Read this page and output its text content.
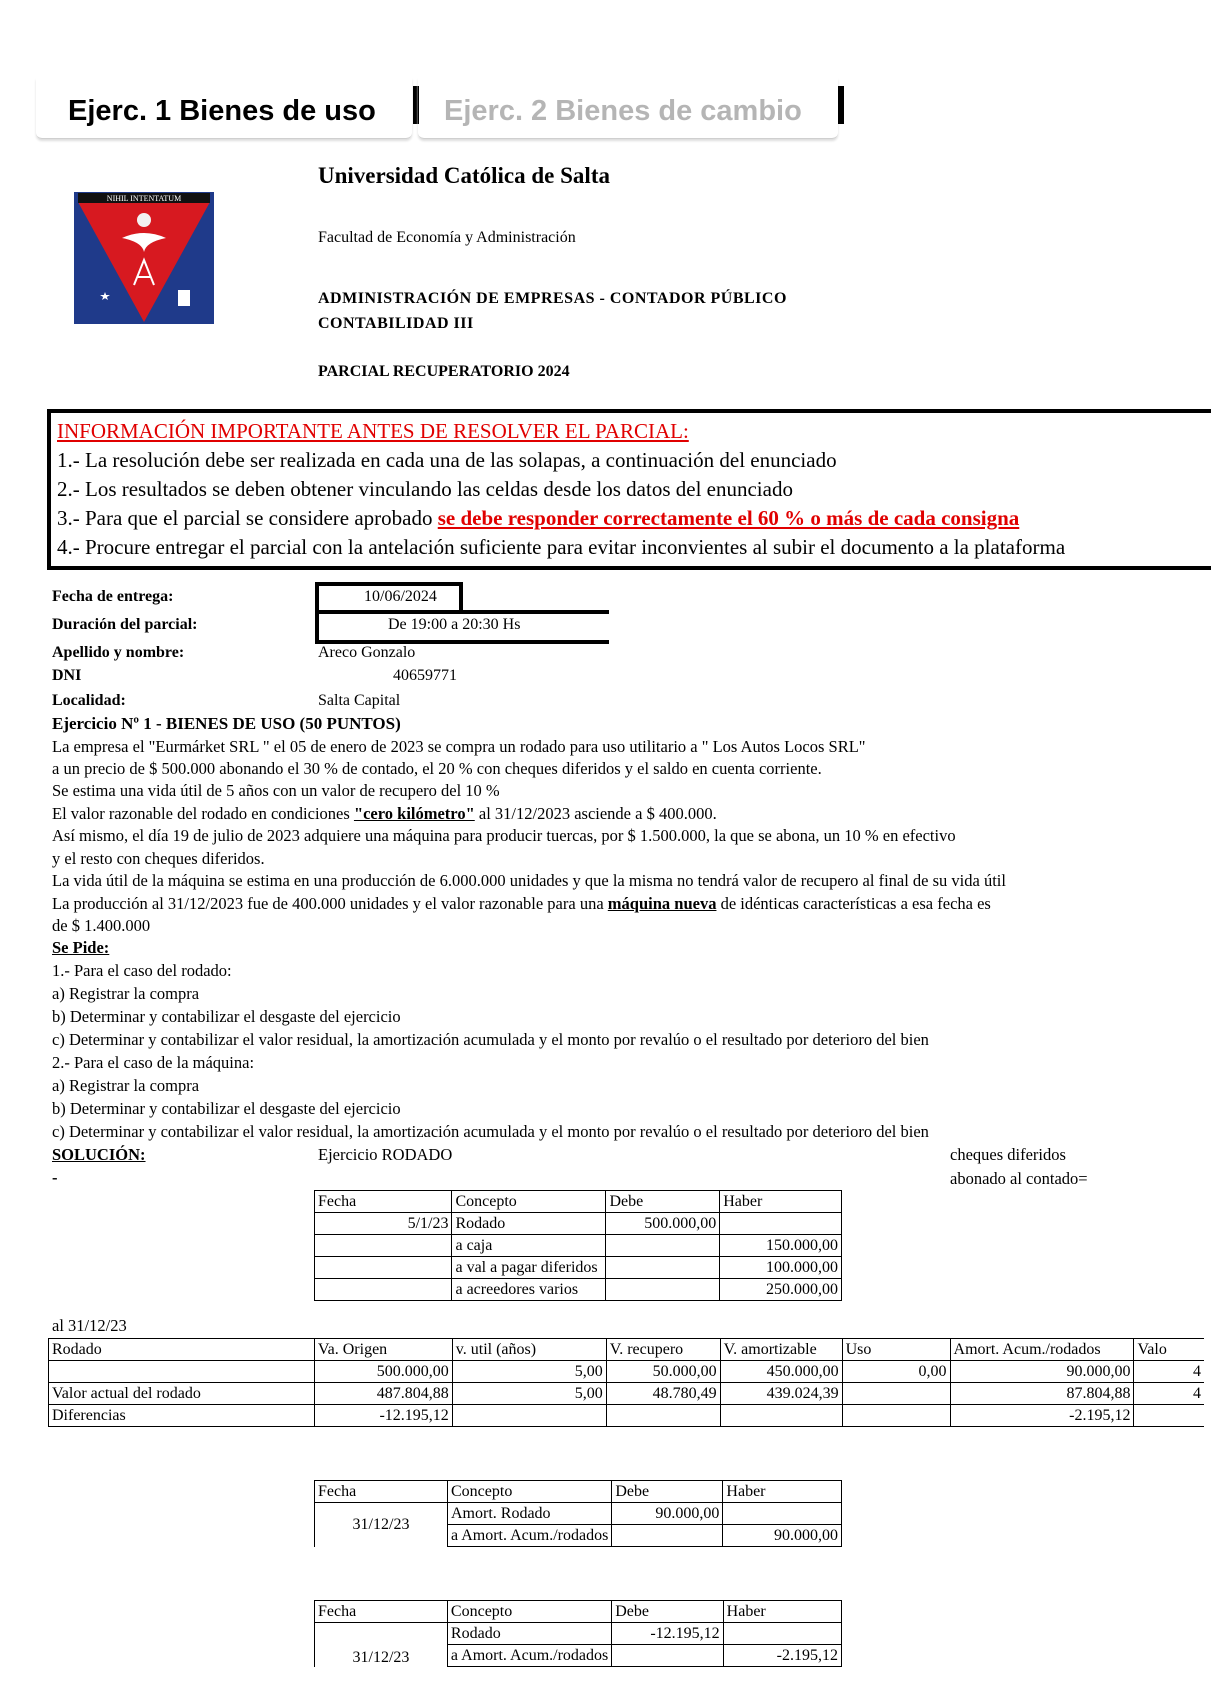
Ejerc. 1 Bienes de uso Ejerc. 2 Bienes de cambio
NIHIL INTENTATUM
Universidad Católica de Salta
Facultad de Economía y Administración
ADMINISTRACIÓN DE EMPRESAS - CONTADOR PÚBLICO
CONTABILIDAD III
PARCIAL RECUPERATORIO 2024
INFORMACIÓN IMPORTANTE ANTES DE RESOLVER EL PARCIAL:
1.- La resolución debe ser realizada en cada una de las solapas, a continuación del enunciado
2.- Los resultados se deben obtener vinculando las celdas desde los datos del enunciado
3.- Para que el parcial se considere aprobado se debe responder correctamente el 60 % o más de cada consigna
4.- Procure entregar el parcial con la antelación suficiente para evitar inconvientes al subir el documento a la plataforma
Fecha de entrega:	10/06/2024
Duración del parcial:	De 19:00 a 20:30 Hs
Apellido y nombre:	Areco Gonzalo
DNI	40659771
Localidad:	Salta Capital
Ejercicio Nº 1 - BIENES DE USO (50 PUNTOS)
La empresa el "Eurmárket SRL " el 05 de enero de 2023 se compra un rodado para uso utilitario a " Los Autos Locos SRL"
a un precio de $ 500.000 abonando el 30 % de contado, el 20 % con cheques diferidos y el saldo en cuenta corriente.
Se estima una vida útil de 5 años con un valor de recupero del 10 %
El valor razonable del rodado en condiciones "cero kilómetro" al 31/12/2023 asciende a $ 400.000.
Así mismo, el día 19 de julio de 2023 adquiere una máquina para producir tuercas, por $ 1.500.000, la que se abona, un 10 % en efectivo
y el resto con cheques diferidos.
La vida útil de la máquina se estima en una producción de 6.000.000 unidades y que la misma no tendrá valor de recupero al final de su vida útil
La producción al 31/12/2023 fue de 400.000 unidades y el valor razonable para una máquina nueva de idénticas características a esa fecha es
de $ 1.400.000
Se Pide:
1.- Para el caso del rodado:
a) Registrar la compra
b) Determinar y contabilizar el desgaste del ejercicio
c) Determinar y contabilizar el valor residual, la amortización acumulada y el monto por revalúo o el resultado por deterioro del bien
2.- Para el caso de la máquina:
a) Registrar la compra
b) Determinar y contabilizar el desgaste del ejercicio
c) Determinar y contabilizar el valor residual, la amortización acumulada y el monto por revalúo o el resultado por deterioro del bien
SOLUCIÓN:
-
Ejercicio RODADO	cheques diferidos
abonado al contado=
Fecha	Concepto	Debe	Haber
5/1/23	Rodado	500.000,00	
	a caja		150.000,00
	a val a pagar diferidos		100.000,00
	a acreedores varios		250.000,00
al 31/12/23
Rodado	Va. Origen	v. util (años)	V. recupero	V. amortizable	Uso	Amort. Acum./rodados	Valo
	500.000,00	5,00	50.000,00	450.000,00	0,00	90.000,00	4
Valor actual del rodado	487.804,88	5,00	48.780,49	439.024,39		87.804,88	4
Diferencias	-12.195,12					-2.195,12	
Fecha	Concepto	Debe	Haber
31/12/23	Amort. Rodado	90.000,00	
	a Amort. Acum./rodados		90.000,00
Fecha	Concepto	Debe	Haber
31/12/23	Rodado	-12.195,12	
	a Amort. Acum./rodados		-2.195,12
